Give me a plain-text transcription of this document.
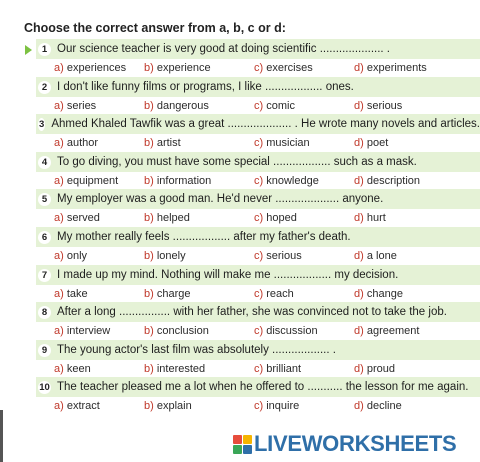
Choose the correct answer from a, b, c or d:
1 Our science teacher is very good at doing scientific .................... .
a) experiences b) experience	c) exercises	d) experiments
2 I don't like funny films or programs, I like .................. ones.
a) series	b) dangerous	c) comic	d) serious
3 Ahmed Khaled Tawfik was a great .................... . He wrote many novels and articles.
a) author	b) artist	c) musician	d) poet
4 To go diving, you must have some special .................. such as a mask.
a) equipment b) information	c) knowledge	d) description
5 My employer was a good man. He'd never .................... anyone.
a) served	b) helped	c) hoped	d) hurt
6 My mother really feels .................. after my father's death.
a) only	b) lonely	c) serious	d) a lone
7 I made up my mind. Nothing will make me .................. my decision.
a) take	b) charge	c) reach	d) change
8 After a long ................ with her father, she was convinced not to take the job.
a) interview	b) conclusion	c) discussion	d) agreement
9 The young actor's last film was absolutely .................. .
a) keen	b) interested	c) brilliant	d) proud
10 The teacher pleased me a lot when he offered to ........... the lesson for me again.
a) extract	b) explain	c) inquire	d) decline
LIVEWORKSHEETS
